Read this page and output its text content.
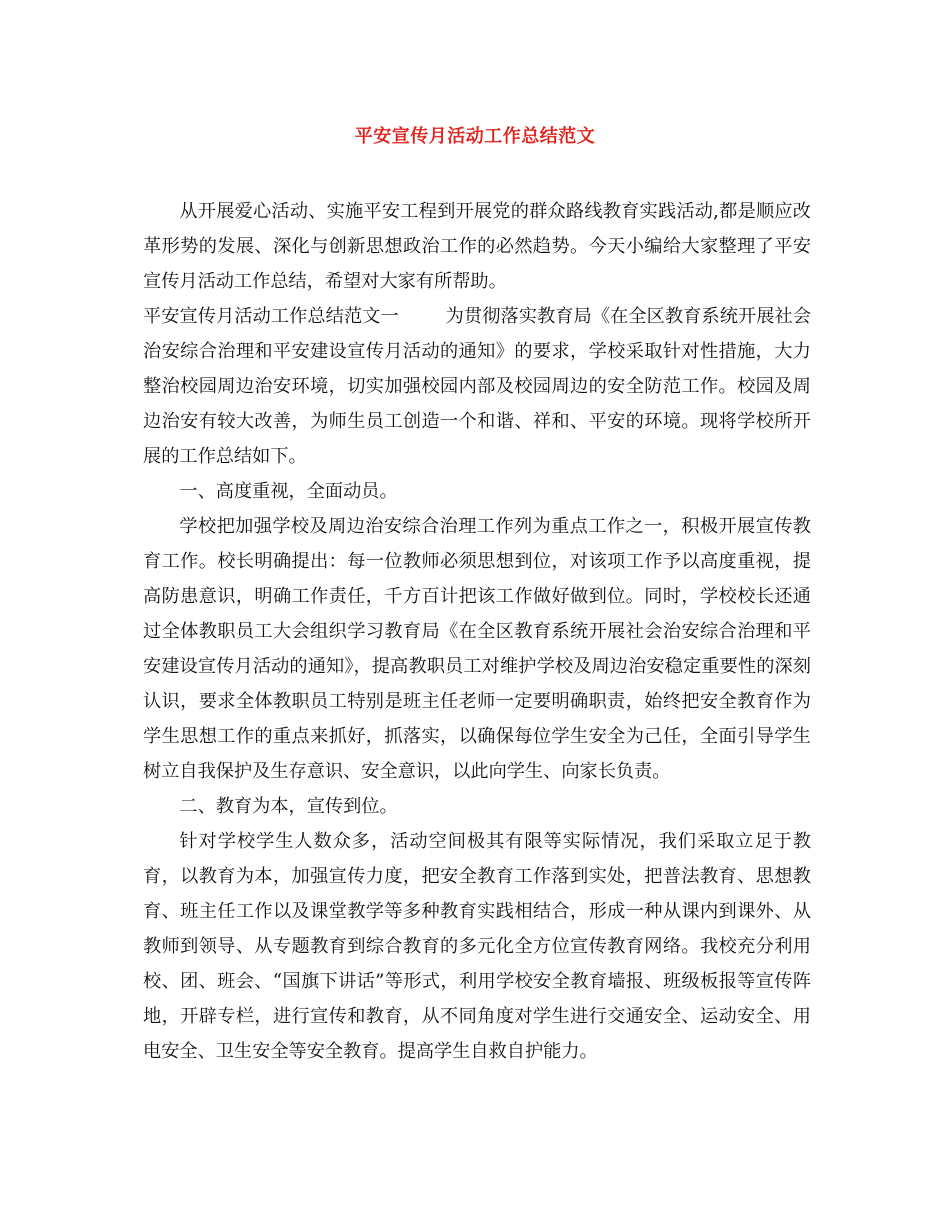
平安宣传月活动工作总结范文

从开展爱心活动、实施平安工程到开展党的群众路线教育实践活动,都是顺应改革形势的发展、深化与创新思想政治工作的必然趋势。今天小编给大家整理了平安宣传月活动工作总结，希望对大家有所帮助。

平安宣传月活动工作总结范文一	为贯彻落实教育局《在全区教育系统开展社会治安综合治理和平安建设宣传月活动的通知》的要求，学校采取针对性措施，大力整治校园周边治安环境，切实加强校园内部及校园周边的安全防范工作。校园及周边治安有较大改善，为师生员工创造一个和谐、祥和、平安的环境。现将学校所开展的工作总结如下。

一、高度重视，全面动员。

学校把加强学校及周边治安综合治理工作列为重点工作之一，积极开展宣传教育工作。校长明确提出：每一位教师必须思想到位，对该项工作予以高度重视，提高防患意识，明确工作责任，千方百计把该工作做好做到位。同时，学校校长还通过全体教职员工大会组织学习教育局《在全区教育系统开展社会治安综合治理和平安建设宣传月活动的通知》，提高教职员工对维护学校及周边治安稳定重要性的深刻认识，要求全体教职员工特别是班主任老师一定要明确职责，始终把安全教育作为学生思想工作的重点来抓好，抓落实，以确保每位学生安全为己任，全面引导学生树立自我保护及生存意识、安全意识，以此向学生、向家长负责。

二、教育为本，宣传到位。

针对学校学生人数众多，活动空间极其有限等实际情况，我们采取立足于教育，以教育为本，加强宣传力度，把安全教育工作落到实处，把普法教育、思想教育、班主任工作以及课堂教学等多种教育实践相结合，形成一种从课内到课外、从教师到领导、从专题教育到综合教育的多元化全方位宣传教育网络。我校充分利用校、团、班会、“国旗下讲话”等形式，利用学校安全教育墙报、班级板报等宣传阵地，开辟专栏，进行宣传和教育，从不同角度对学生进行交通安全、运动安全、用电安全、卫生安全等安全教育。提高学生自救自护能力。
